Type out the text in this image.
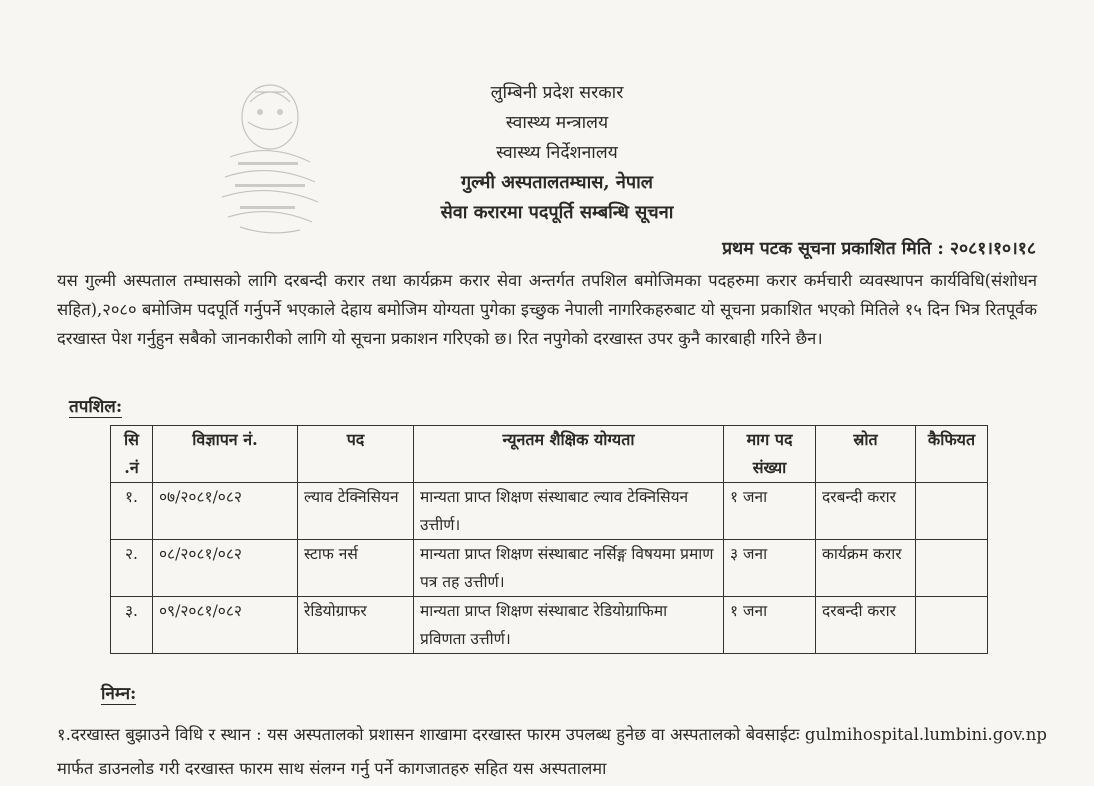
लुम्बिनी प्रदेश सरकार
स्वास्थ्य मन्त्रालय
स्वास्थ्य निर्देशनालय
गुल्मी अस्पतालतम्घास, नेपाल
सेवा करारमा पदपूर्ति सम्बन्धि सूचना
प्रथम पटक सूचना प्रकाशित मिति : २०८१।१०।१८

यस गुल्मी अस्पताल तम्घासको लागि दरबन्दी करार तथा कार्यक्रम करार सेवा अन्तर्गत तपशिल बमोजिमका पदहरुमा करार कर्मचारी व्यवस्थापन कार्यविधि(संशोधन सहित),२०८० बमोजिम पदपूर्ति गर्नुपर्ने भएकाले देहाय बमोजिम योग्यता पुगेका इच्छुक नेपाली नागरिकहरुबाट यो सूचना प्रकाशित भएको मितिले १५ दिन भित्र रितपूर्वक दरखास्त पेश गर्नुहुन सबैको जानकारीको लागि यो सूचना प्रकाशन गरिएको छ। रित नपुगेको दरखास्त उपर कुनै कारबाही गरिने छैन।

तपशिल:
सि .नं	विज्ञापन नं.	पद	न्यूनतम शैक्षिक योग्यता	माग पद संख्या	स्रोत	कैफियत
१.	०७/२०८१/०८२	ल्याव टेक्निसियन	मान्यता प्राप्त शिक्षण संस्थाबाट ल्याव टेक्निसियन उत्तीर्ण।	१ जना	दरबन्दी करार	
२.	०८/२०८१/०८२	स्टाफ नर्स	मान्यता प्राप्त शिक्षण संस्थाबाट नर्सिङ्ग विषयमा प्रमाण पत्र तह उत्तीर्ण।	३ जना	कार्यक्रम करार	
३.	०९/२०८१/०८२	रेडियोग्राफर	मान्यता प्राप्त शिक्षण संस्थाबाट रेडियोग्राफिमा प्रविणता उत्तीर्ण।	१ जना	दरबन्दी करार	
निम्न:

१.दरखास्त बुझाउने विधि र स्थान : यस अस्पतालको प्रशासन शाखामा दरखास्त फारम उपलब्ध हुनेछ वा अस्पतालको बेवसाईटः gulmihospital.lumbini.gov.np मार्फत डाउनलोड गरी दरखास्त फारम साथ संलग्न गर्नु पर्ने कागजातहरु सहित यस अस्पतालमा
